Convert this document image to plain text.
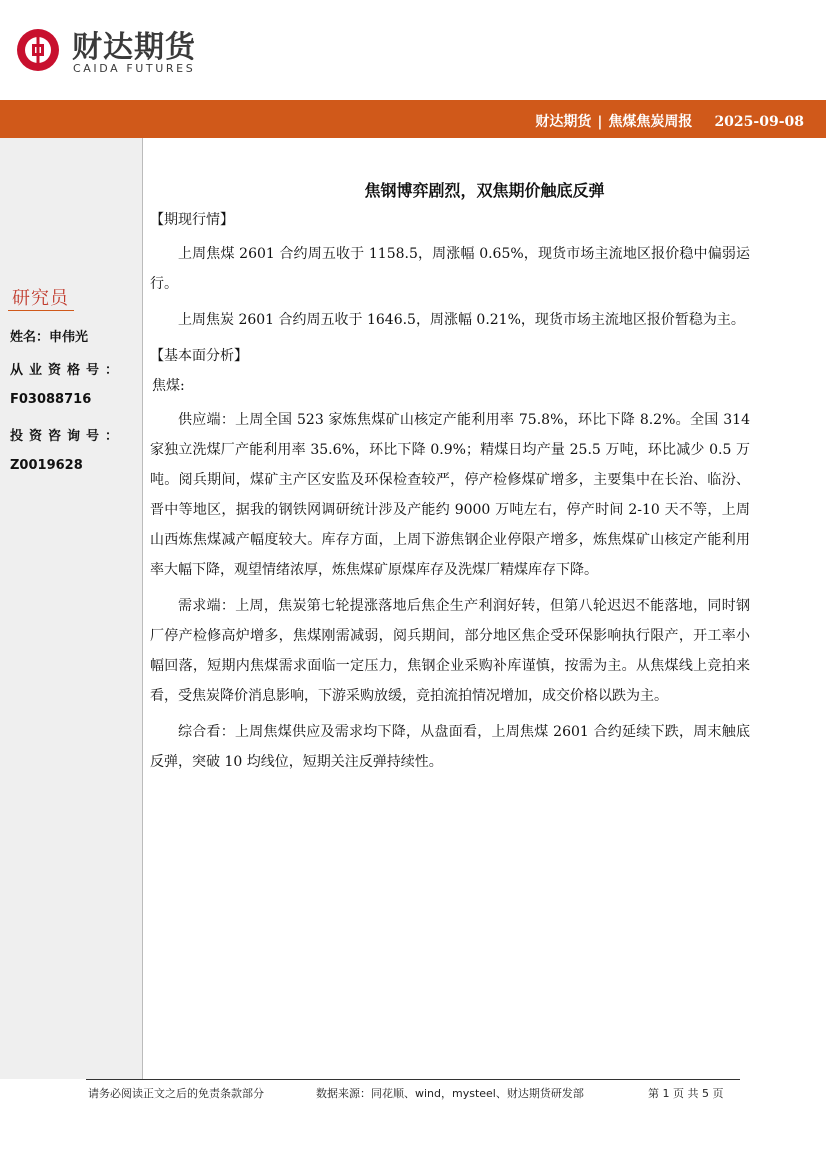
财达期货
CAIDA FUTURES
财达期货 | 焦煤焦炭周报 2025-09-08
研究员
姓名：申伟光
从业资格号：
F03088716
投资咨询号：
Z0019628
焦钢博弈剧烈，双焦期价触底反弹
【期现行情】

上周焦煤 2601 合约周五收于 1158.5，周涨幅 0.65%，现货市场主流地区报价稳中偏弱运行。

上周焦炭 2601 合约周五收于 1646.5，周涨幅 0.21%，现货市场主流地区报价暂稳为主。

【基本面分析】
焦煤:

供应端：上周全国 523 家炼焦煤矿山核定产能利用率 75.8%，环比下降 8.2%。全国 314 家独立洗煤厂产能利用率 35.6%，环比下降 0.9%；精煤日均产量 25.5 万吨，环比减少 0.5 万吨。阅兵期间，煤矿主产区安监及环保检查较严，停产检修煤矿增多，主要集中在长治、临汾、晋中等地区，据我的钢铁网调研统计涉及产能约 9000 万吨左右，停产时间 2-10 天不等，上周山西炼焦煤减产幅度较大。库存方面，上周下游焦钢企业停限产增多，炼焦煤矿山核定产能利用率大幅下降，观望情绪浓厚，炼焦煤矿原煤库存及洗煤厂精煤库存下降。

需求端：上周，焦炭第七轮提涨落地后焦企生产利润好转，但第八轮迟迟不能落地，同时钢厂停产检修高炉增多，焦煤刚需减弱，阅兵期间，部分地区焦企受环保影响执行限产，开工率小幅回落，短期内焦煤需求面临一定压力，焦钢企业采购补库谨慎，按需为主。从焦煤线上竞拍来看，受焦炭降价消息影响，下游采购放缓，竞拍流拍情况增加，成交价格以跌为主。

综合看：上周焦煤供应及需求均下降，从盘面看，上周焦煤 2601 合约延续下跌，周末触底反弹，突破 10 均线位，短期关注反弹持续性。

请务必阅读正文之后的免责条款部分	数据来源：同花顺、wind，mysteel、财达期货研发部	第 1 页 共 5 页
